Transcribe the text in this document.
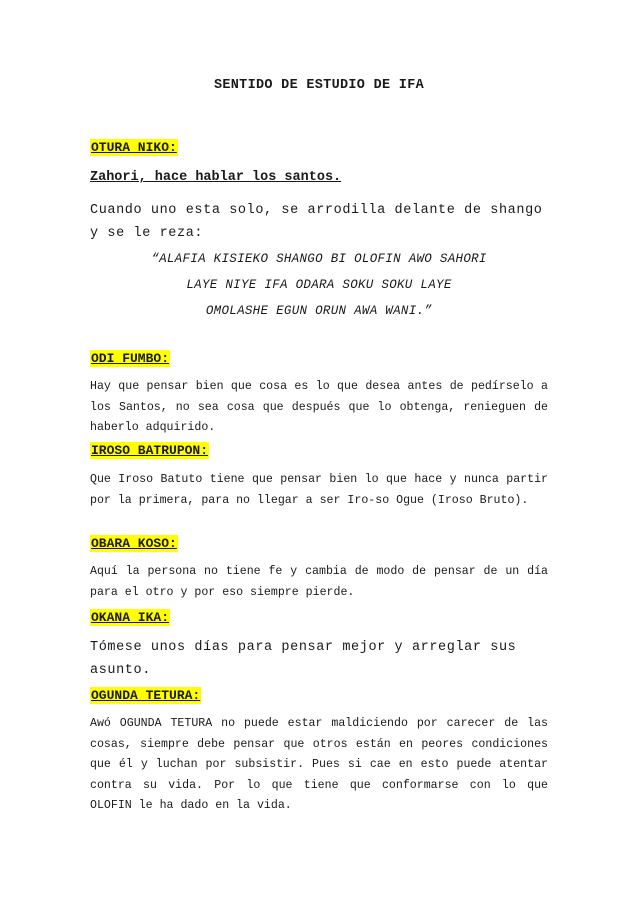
SENTIDO DE ESTUDIO DE IFA
OTURA NIKO:
Zahori, hace hablar los santos.
Cuando uno esta solo, se arrodilla delante de shango y se le reza:
“ALAFIA KISIEKO SHANGO BI OLOFIN AWO SAHORI
LAYE NIYE IFA ODARA SOKU SOKU LAYE
OMOLASHE EGUN ORUN AWA WANI.”
ODI FUMBO:
Hay que pensar bien que cosa es lo que desea antes de pedírselo a los Santos, no sea cosa que después que lo obtenga, renieguen de haberlo adquirido.
IROSO BATRUPON:
Que Iroso Batuto tiene que pensar bien lo que hace y nunca partir por la primera, para no llegar a ser Iro-so Ogue (Iroso Bruto).
OBARA KOSO:
Aquí la persona no tiene fe y cambia de modo de pensar de un día para el otro y por eso siempre pierde.
OKANA IKA:
Tómese unos días para pensar mejor y arreglar sus asunto.
OGUNDA TETURA:
Awó OGUNDA TETURA no puede estar maldiciendo por carecer de las cosas, siempre debe pensar que otros están en peores condiciones que él y luchan por subsistir. Pues si cae en esto puede atentar contra su vida. Por lo que tiene que conformarse con lo que OLOFIN le ha dado en la vida.
